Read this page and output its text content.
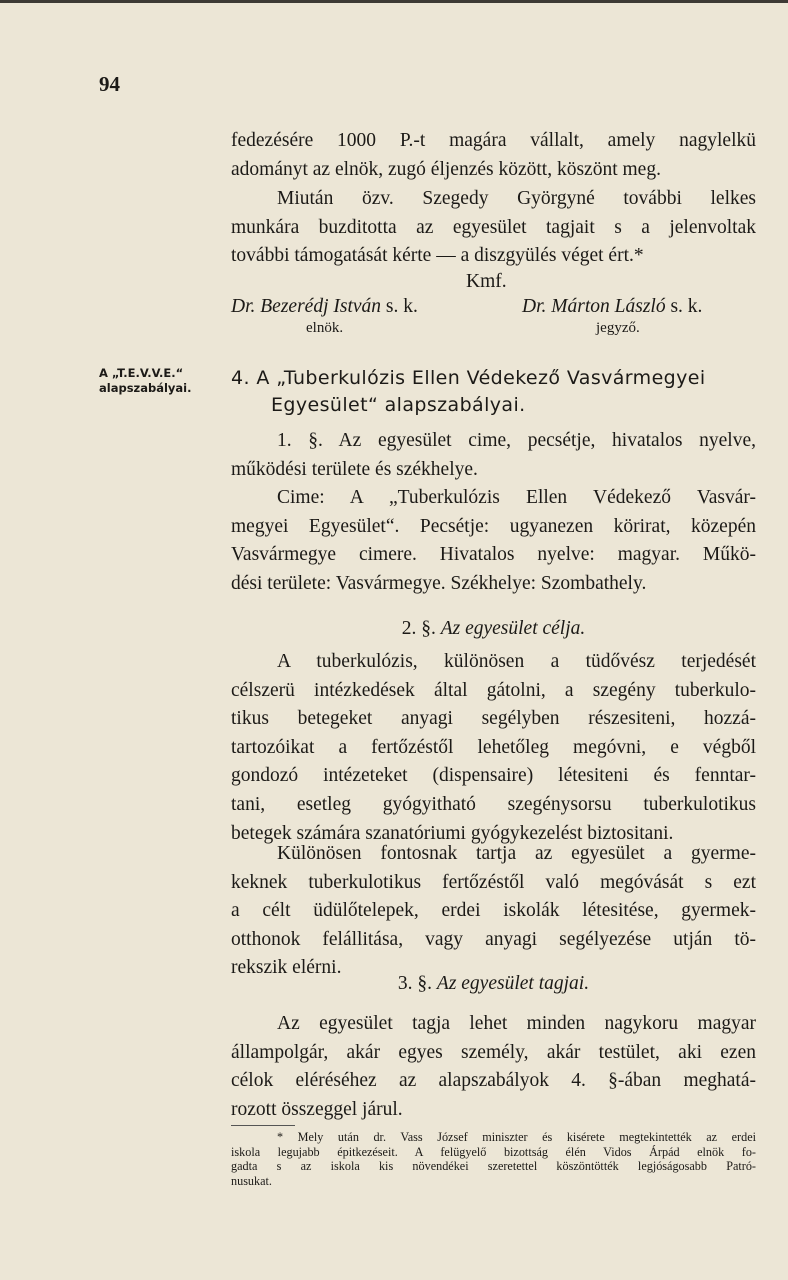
94

fedezésére 1000 P.-t magára vállalt, amely nagylelkü

adományt az elnök, zugó éljenzés között, köszönt meg.

Miután özv. Szegedy Györgyné további lelkes

munkára buzditotta az egyesület tagjait s a jelenvoltak

további támogatását kérte — a diszgyülés véget ért.*

Kmf.
Dr. Bezerédj István s. k.	Dr. Márton László s. k.
elnök.	jegyző.
A „T.E.V.V.E.“
alapszabályai. 4. A „Tuberkulózis Ellen Védekező Vasvármegyei
Egyesület“ alapszabályai.

1. §. Az egyesület cime, pecsétje, hivatalos nyelve,

működési területe és székhelye.

Cime: A „Tuberkulózis Ellen Védekező Vasvár-

megyei Egyesület“. Pecsétje: ugyanezen körirat, közepén

Vasvármegye cimere. Hivatalos nyelve: magyar. Műkö-

dési területe: Vasvármegye. Székhelye: Szombathely.

2. §. Az egyesület célja.

A tuberkulózis, különösen a tüdővész terjedését

célszerü intézkedések által gátolni, a szegény tuberkulo-

tikus betegeket anyagi segélyben részesiteni, hozzá-

tartozóikat a fertőzéstől lehetőleg megóvni, e végből

gondozó intézeteket (dispensaire) létesiteni és fenntar-

tani, esetleg gyógyitható szegénysorsu tuberkulotikus

betegek számára szanatóriumi gyógykezelést biztositani.

Különösen fontosnak tartja az egyesület a gyerme-

keknek tuberkulotikus fertőzéstől való megóvását s ezt

a célt üdülőtelepek, erdei iskolák létesitése, gyermek-

otthonok felállitása, vagy anyagi segélyezése utján tö-

rekszik elérni.

3. §. Az egyesület tagjai.

Az egyesület tagja lehet minden nagykoru magyar

állampolgár, akár egyes személy, akár testület, aki ezen

célok eléréséhez az alapszabályok 4. §-ában meghatá-

rozott összeggel járul.

* Mely után dr. Vass József miniszter és kisérete megtekintették az erdei
iskola legujabb épitkezéseit. A felügyelő bizottság élén Vidos Árpád elnök fo-
gadta s az iskola kis növendékei szeretettel köszöntötték legjóságosabb Patró-
nusukat.
